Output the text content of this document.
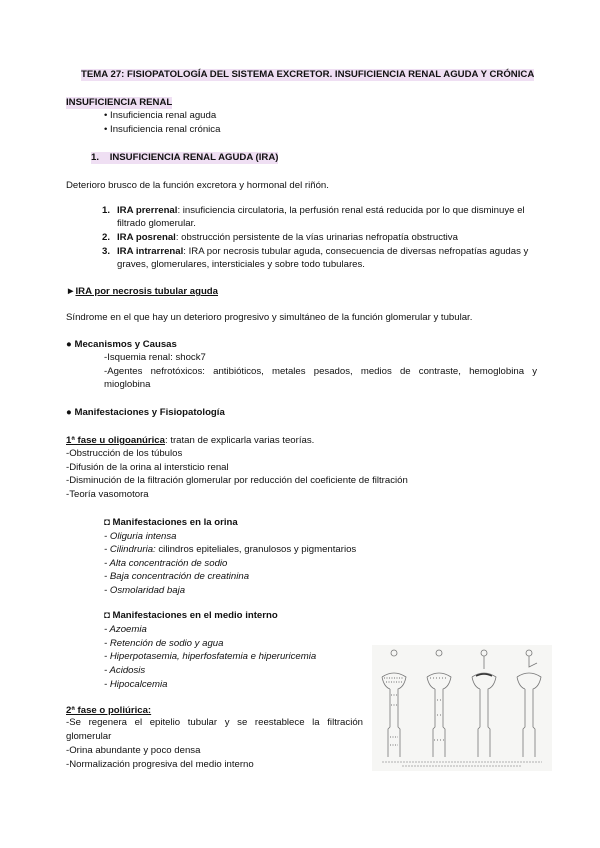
TEMA 27: FISIOPATOLOGÍA DEL SISTEMA EXCRETOR. INSUFICIENCIA RENAL AGUDA Y CRÓNICA
INSUFICIENCIA RENAL
• Insuficiencia renal aguda
• Insuficiencia renal crónica
1. INSUFICIENCIA RENAL AGUDA (IRA)
Deterioro brusco de la función excretora y hormonal del riñón.
1. IRA prerrenal: insuficiencia circulatoria, la perfusión renal está reducida por lo que disminuye el
filtrado glomerular.
2. IRA posrenal: obstrucción persistente de la vías urinarias nefropatía obstructiva
3. IRA intrarrenal: IRA por necrosis tubular aguda, consecuencia de diversas nefropatías agudas y
graves, glomerulares, intersticiales y sobre todo tubulares.
►IRA por necrosis tubular aguda
Síndrome en el que hay un deterioro progresivo y simultáneo de la función glomerular y tubular.
● Mecanismos y Causas
-Isquemia renal: shock7
-Agentes nefrotóxicos: antibióticos, metales pesados, medios de contraste, hemoglobina y
mioglobina
● Manifestaciones y Fisiopatología
1ª fase u oligoanúrica: tratan de explicarla varias teorías.
-Obstrucción de los túbulos
-Difusión de la orina al intersticio renal
-Disminución de la filtración glomerular por reducción del coeficiente de filtración
-Teoría vasomotora
◘ Manifestaciones en la orina
- Oliguria intensa
- Cilindruria: cilindros epiteliales, granulosos y pigmentarios
- Alta concentración de sodio
- Baja concentración de creatinina
- Osmolaridad baja
◘ Manifestaciones en el medio interno
- Azoemia
- Retención de sodio y agua
- Hiperpotasemia, hiperfosfatemia e hiperuricemia
- Acidosis
- Hipocalcemia
2ª fase o poliúrica:
-Se regenera el epitelio tubular y se reestablece la filtración
glomerular
-Orina abundante y poco densa
-Normalización progresiva del medio interno
